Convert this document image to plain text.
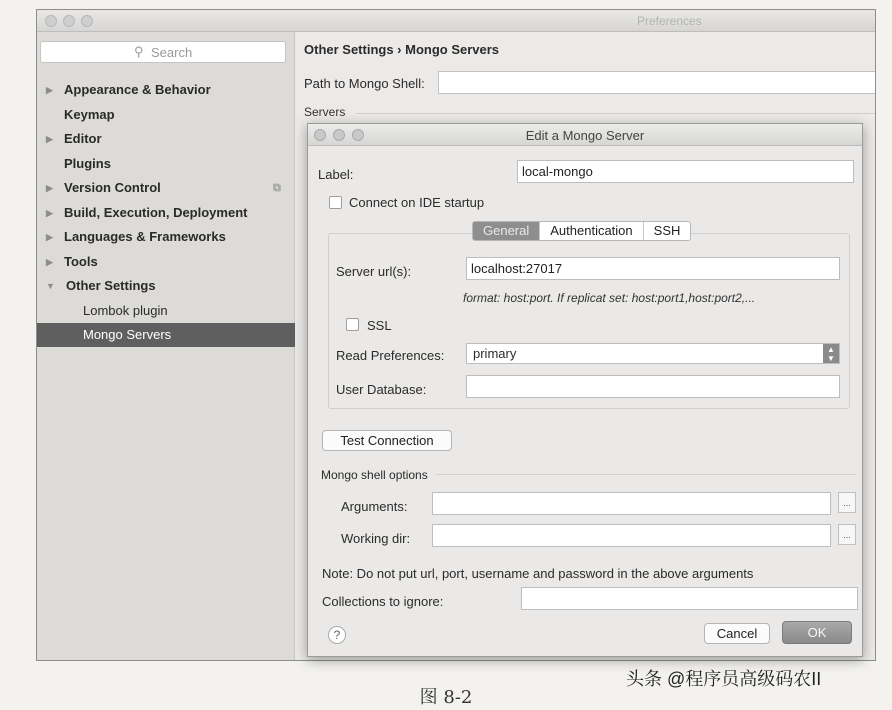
Preferences
⚲ Search
▶ Appearance & Behavior
Keymap
▶ Editor
Plugins
▶ Version Control	⧉
▶ Build, Execution, Deployment
▶ Languages & Frameworks
▶ Tools
▼ Other Settings
Lombok plugin
Mongo Servers
Other Settings › Mongo Servers
Path to Mongo Shell:
Servers
Edit a Mongo Server
Label:	local-mongo
Connect on IDE startup
General	Authentication	SSH
Server url(s):	localhost:27017
format: host:port. If replicat set: host:port1,host:port2,...
SSL
Read Preferences:	primary	▲
▼
User Database:
Test Connection
Mongo shell options
Arguments:	...
Working dir:	...
Note: Do not put url, port, username and password in the above arguments
Collections to ignore:
?	Cancel	OK
头条 @程序员高级码农II
图 8-2
